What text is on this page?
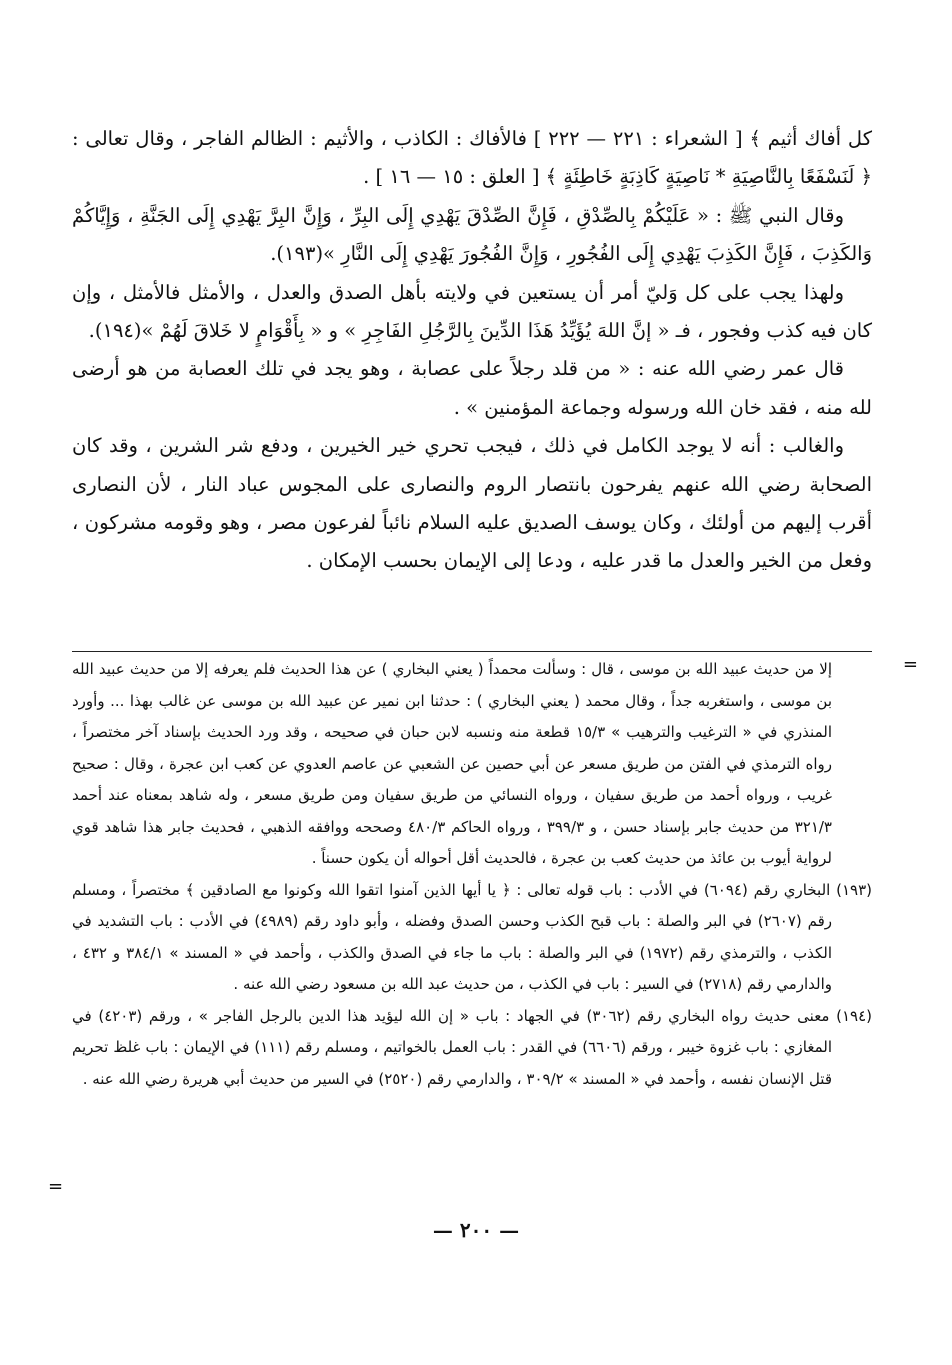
كل أفاك أثيم ﴾ [ الشعراء : ٢٢١ — ٢٢٢ ] فالأفاك : الكاذب ، والأثيم : الظالم الفاجر ، وقال تعالى : ﴿ لَنَسْفَعًا بِالنَّاصِيَةِ * نَاصِيَةٍ كَاذِبَةٍ خَاطِئَةٍ ﴾ [ العلق : ١٥ — ١٦ ] .

وقال النبي ﷺ : « عَلَيْكُمْ بِالصِّدْقِ ، فَإِنَّ الصِّدْقَ يَهْدِي إِلَى البِرِّ ، وَإِنَّ البِرَّ يَهْدِي إِلَى الجَنَّةِ ، وَإِيَّاكُمْ وَالكَذِبَ ، فَإِنَّ الكَذِبَ يَهْدِي إِلَى الفُجُورِ ، وَإِنَّ الفُجُورَ يَهْدِي إِلَى النَّارِ »(١٩٣).

ولهذا يجب على كل وَليّ أمر أن يستعين في ولايته بأهل الصدق والعدل ، والأمثل فالأمثل ، وإن كان فيه كذب وفجور ، فـ « إنَّ اللهَ يُؤَيِّدُ هَذَا الدِّينَ بِالرَّجُلِ الفَاجِرِ » و « بِأَقْوَامٍ لا خَلاقَ لَهُمْ »(١٩٤).

قال عمر رضي الله عنه : « من قلد رجلاً على عصابة ، وهو يجد في تلك العصابة من هو أرضى لله منه ، فقد خان الله ورسوله وجماعة المؤمنين » .

والغالب : أنه لا يوجد الكامل في ذلك ، فيجب تحري خير الخيرين ، ودفع شر الشرين ، وقد كان الصحابة رضي الله عنهم يفرحون بانتصار الروم والنصارى على المجوس عباد النار ، لأن النصارى أقرب إليهم من أولئك ، وكان يوسف الصديق عليه السلام نائباً لفرعون مصر ، وهو وقومه مشركون ، وفعل من الخير والعدل ما قدر عليه ، ودعا إلى الإيمان بحسب الإمكان .

=

إلا من حديث عبيد الله بن موسى ، قال : وسألت محمداً ( يعني البخاري ) عن هذا الحديث فلم يعرفه إلا من حديث عبيد الله بن موسى ، واستغربه جداً ، وقال محمد ( يعني البخاري ) : حدثنا ابن نمير عن عبيد الله بن موسى عن غالب بهذا ... وأورد المنذري في « الترغيب والترهيب » ١٥/٣ قطعة منه ونسبه لابن حبان في صحيحه ، وقد ورد الحديث بإسناد آخر مختصراً ، رواه الترمذي في الفتن من طريق مسعر عن أبي حصين عن الشعبي عن عاصم العدوي عن كعب ابن عجرة ، وقال : صحيح غريب ، ورواه أحمد من طريق سفيان ، ورواه النسائي من طريق سفيان ومن طريق مسعر ، وله شاهد بمعناه عند أحمد ٣٢١/٣ من حديث جابر بإسناد حسن ، و ٣٩٩/٣ ، ورواه الحاكم ٤٨٠/٣ وصححه ووافقه الذهبي ، فحديث جابر هذا شاهد قوي لرواية أيوب بن عائذ من حديث كعب بن عجرة ، فالحديث أقل أحواله أن يكون حسناً .

(١٩٣) البخاري رقم (٦٠٩٤) في الأدب : باب قوله تعالى : ﴿ يا أيها الذين آمنوا اتقوا الله وكونوا مع الصادقين ﴾ مختصراً ، ومسلم رقم (٢٦٠٧) في البر والصلة : باب قبح الكذب وحسن الصدق وفضله ، وأبو داود رقم (٤٩٨٩) في الأدب : باب التشديد في الكذب ، والترمذي رقم (١٩٧٢) في البر والصلة : باب ما جاء في الصدق والكذب ، وأحمد في « المسند » ٣٨٤/١ و ٤٣٢ ، والدارمي رقم (٢٧١٨) في السير : باب في الكذب ، من حديث عبد الله بن مسعود رضي الله عنه .

(١٩٤) معنى حديث رواه البخاري رقم (٣٠٦٢) في الجهاد : باب « إن الله ليؤيد هذا الدين بالرجل الفاجر » ، ورقم (٤٢٠٣) في المغازي : باب غزوة خيبر ، ورقم (٦٦٠٦) في القدر : باب العمل بالخواتيم ، ومسلم رقم (١١١) في الإيمان : باب غلظ تحريم قتل الإنسان نفسه ، وأحمد في « المسند » ٣٠٩/٢ ، والدارمي رقم (٢٥٢٠) في السير من حديث أبي هريرة رضي الله عنه .

=
— ٢٠٠ —
